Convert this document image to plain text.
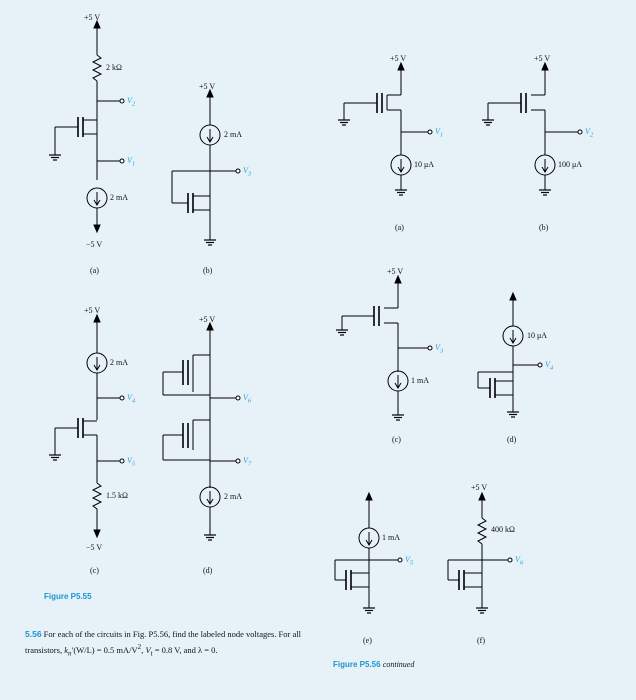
+5 V
2 kΩ
$V_2$
$V_1$
2 mA
−5 V
(a)
+5 V
2 mA
$V_3$
(b)
+5 V
2 mA
$V_4$
$V_5$
1.5 kΩ
−5 V
(c)
+5 V
$V_6$
$V_7$
2 mA
(d)
Figure P5.55
5.56 For each of the circuits in Fig. P5.56, find the labeled node voltages. For all transistors, $k_n'(W/L) = 0.5$ $mA/V^2$, $V_t = 0.8$ V, and λ = 0.
+5 V
$V_1$
10 μA
(a)
+5 V
$V_2$
100 μA
(b)
+5 V
$V_3$
1 mA
(c)
10 μA
$V_4$
(d)
1 mA
$V_5$
(e)
+5 V
400 kΩ
$V_6$
(f)
Figure P5.56 continued
